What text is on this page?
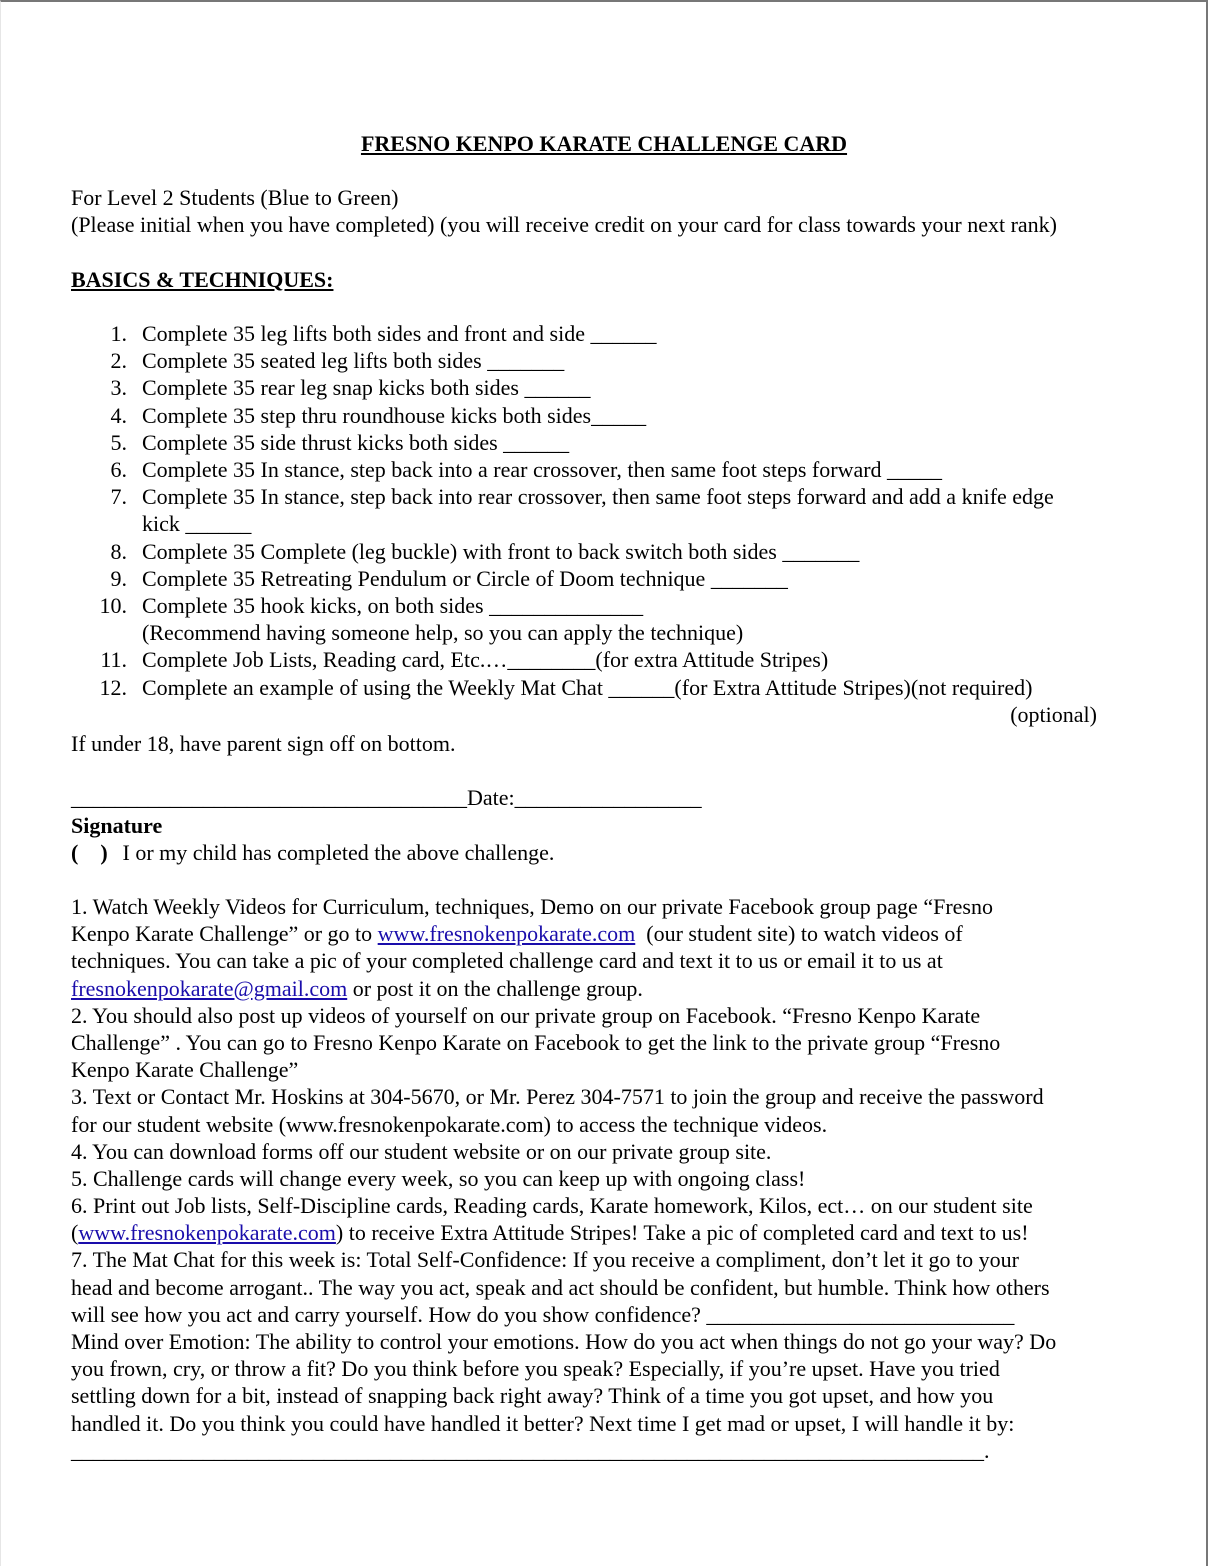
FRESNO KENPO KARATE CHALLENGE CARD
For Level 2 Students (Blue to Green)
(Please initial when you have completed) (you will receive credit on your card for class towards your next rank)
BASICS & TECHNIQUES:
1. Complete 35 leg lifts both sides and front and side ______
2. Complete 35 seated leg lifts both sides _______
3. Complete 35 rear leg snap kicks both sides ______
4. Complete 35 step thru roundhouse kicks both sides_____
5. Complete 35 side thrust kicks both sides ______
6. Complete 35 In stance, step back into a rear crossover, then same foot steps forward _____
7. Complete 35 In stance, step back into rear crossover, then same foot steps forward and add a knife edge
kick ______
8. Complete 35 Complete (leg buckle) with front to back switch both sides _______
9. Complete 35 Retreating Pendulum or Circle of Doom technique _______
10. Complete 35 hook kicks, on both sides ______________
(Recommend having someone help, so you can apply the technique)
11. Complete Job Lists, Reading card, Etc.…________(for extra Attitude Stripes)
12. Complete an example of using the Weekly Mat Chat ______(for Extra Attitude Stripes)(not required)
(optional)
If under 18, have parent sign off on bottom.
____________________________________Date:_________________
Signature
(    ) I or my child has completed the above challenge.
1. Watch Weekly Videos for Curriculum, techniques, Demo on our private Facebook group page “Fresno
Kenpo Karate Challenge” or go to www.fresnokenpokarate.com  (our student site) to watch videos of
techniques. You can take a pic of your completed challenge card and text it to us or email it to us at
fresnokenpokarate@gmail.com or post it on the challenge group.
2. You should also post up videos of yourself on our private group on Facebook. “Fresno Kenpo Karate
Challenge” . You can go to Fresno Kenpo Karate on Facebook to get the link to the private group “Fresno
Kenpo Karate Challenge”
3. Text or Contact Mr. Hoskins at 304-5670, or Mr. Perez 304-7571 to join the group and receive the password
for our student website (www.fresnokenpokarate.com) to access the technique videos.
4. You can download forms off our student website or on our private group site.
5. Challenge cards will change every week, so you can keep up with ongoing class!
6. Print out Job lists, Self-Discipline cards, Reading cards, Karate homework, Kilos, ect… on our student site
(www.fresnokenpokarate.com) to receive Extra Attitude Stripes! Take a pic of completed card and text to us!
7. The Mat Chat for this week is: Total Self-Confidence: If you receive a compliment, don’t let it go to your
head and become arrogant.. The way you act, speak and act should be confident, but humble. Think how others
will see how you act and carry yourself. How do you show confidence? ____________________________
Mind over Emotion: The ability to control your emotions. How do you act when things do not go your way? Do
you frown, cry, or throw a fit? Do you think before you speak? Especially, if you’re upset. Have you tried
settling down for a bit, instead of snapping back right away? Think of a time you got upset, and how you
handled it. Do you think you could have handled it better? Next time I get mad or upset, I will handle it by:
___________________________________________________________________________________.
